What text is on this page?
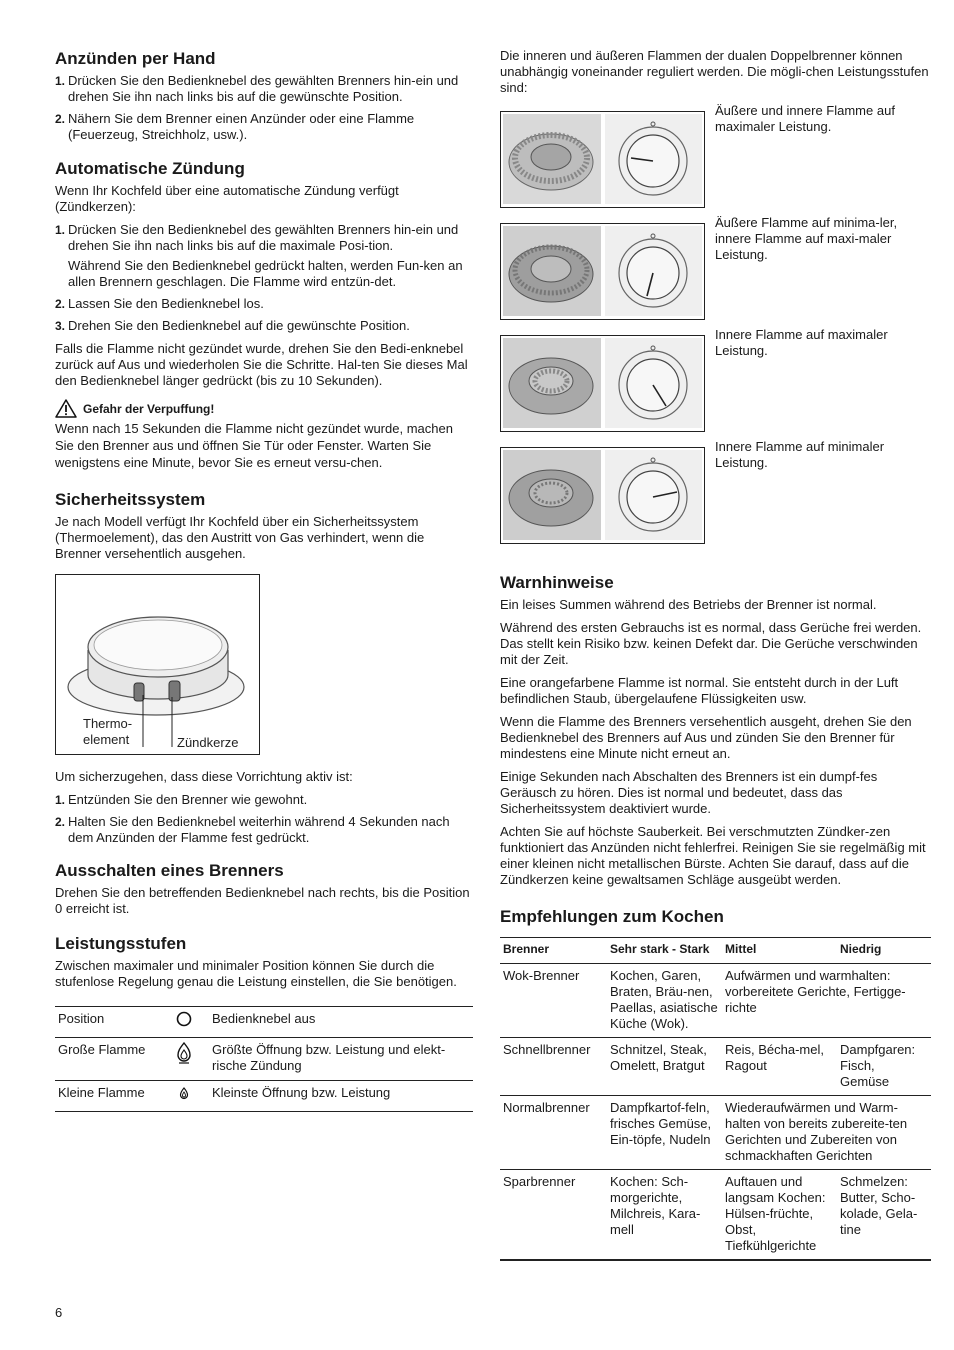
Anzünden per Hand
1. Drücken Sie den Bedienknebel des gewählten Brenners hin-ein und drehen Sie ihn nach links bis auf die gewünschte Position.
2. Nähern Sie dem Brenner einen Anzünder oder eine Flamme (Feuerzeug, Streichholz, usw.).
Automatische Zündung

Wenn Ihr Kochfeld über eine automatische Zündung verfügt (Zündkerzen):

1. Drücken Sie den Bedienknebel des gewählten Brenners hin-ein und drehen Sie ihn nach links bis auf die maximale Posi-tion.
Während Sie den Bedienknebel gedrückt halten, werden Fun-ken an allen Brennern geschlagen. Die Flamme wird entzün-det.
2. Lassen Sie den Bedienknebel los.
3. Drehen Sie den Bedienknebel auf die gewünschte Position.

Falls die Flamme nicht gezündet wurde, drehen Sie den Bedi-enknebel zurück auf Aus und wiederholen Sie die Schritte. Hal-ten Sie dieses Mal den Bedienknebel länger gedrückt (bis zu 10 Sekunden).

Gefahr der Verpuffung!
Wenn nach 15 Sekunden die Flamme nicht gezündet wurde, machen Sie den Brenner aus und öffnen Sie Tür oder Fenster. Warten Sie wenigstens eine Minute, bevor Sie es erneut versu-chen.
Sicherheitssystem

Je nach Modell verfügt Ihr Kochfeld über ein Sicherheitssystem (Thermoelement), das den Austritt von Gas verhindert, wenn die Brenner versehentlich ausgehen.

Thermo-
element	Zündkerze

Um sicherzugehen, dass diese Vorrichtung aktiv ist:

1. Entzünden Sie den Brenner wie gewohnt.
2. Halten Sie den Bedienknebel weiterhin während 4 Sekunden nach dem Anzünden der Flamme fest gedrückt.
Ausschalten eines Brenners

Drehen Sie den betreffenden Bedienknebel nach rechts, bis die Position 0 erreicht ist.

Leistungsstufen

Zwischen maximaler und minimaler Position können Sie durch die stufenlose Regelung genau die Leistung einstellen, die Sie benötigen.

Position		Bedienknebel aus
Große Flamme		Größte Öffnung bzw. Leistung und elekt-rische Zündung
Kleine Flamme		Kleinste Öffnung bzw. Leistung

Die inneren und äußeren Flammen der dualen Doppelbrenner können unabhängig voneinander reguliert werden. Die mögli-chen Leistungsstufen sind:

Äußere und innere Flamme auf maximaler Leistung.
Äußere Flamme auf minima-ler, innere Flamme auf maxi-maler Leistung.
Innere Flamme auf maximaler Leistung.
Innere Flamme auf minimaler Leistung.
Warnhinweise

Ein leises Summen während des Betriebs der Brenner ist normal.

Während des ersten Gebrauchs ist es normal, dass Gerüche frei werden. Das stellt kein Risiko bzw. keinen Defekt dar. Die Gerüche verschwinden mit der Zeit.

Eine orangefarbene Flamme ist normal. Sie entsteht durch in der Luft befindlichen Staub, übergelaufene Flüssigkeiten usw.

Wenn die Flamme des Brenners versehentlich ausgeht, drehen Sie den Bedienknebel des Brenners auf Aus und zünden Sie den Brenner für mindestens eine Minute nicht erneut an.

Einige Sekunden nach Abschalten des Brenners ist ein dumpf-fes Geräusch zu hören. Dies ist normal und bedeutet, dass das Sicherheitssystem deaktiviert wurde.

Achten Sie auf höchste Sauberkeit. Bei verschmutzten Zündker-zen funktioniert das Anzünden nicht fehlerfrei. Reinigen Sie sie regelmäßig mit einer kleinen nicht metallischen Bürste. Achten Sie darauf, dass auf die Zündkerzen keine gewaltsamen Schläge ausgeübt werden.

Empfehlungen zum Kochen
Brenner	Sehr stark - Stark	Mittel	Niedrig
Wok-Brenner	Kochen, Garen, Braten, Bräu-nen, Paellas, asiatische Küche (Wok).	Aufwärmen und warmhalten: vorbereitete Gerichte, Fertigge-richte	
Schnellbrenner	Schnitzel, Steak, Omelett, Bratgut	Reis, Bécha-mel, Ragout	Dampfgaren: Fisch, Gemüse
Normalbrenner	Dampfkartof-feln, frisches Gemüse, Ein-töpfe, Nudeln	Wiederaufwärmen und Warm-halten von bereits zubereite-ten Gerichten und Zubereiten von schmackhaften Gerichten	
Sparbrenner	Kochen: Sch-morgerichte, Milchreis, Kara-mell	Auftauen und langsam Kochen: Hülsen-früchte, Obst, Tiefkühlgerichte	Schmelzen: Butter, Scho-kolade, Gela-tine
6
